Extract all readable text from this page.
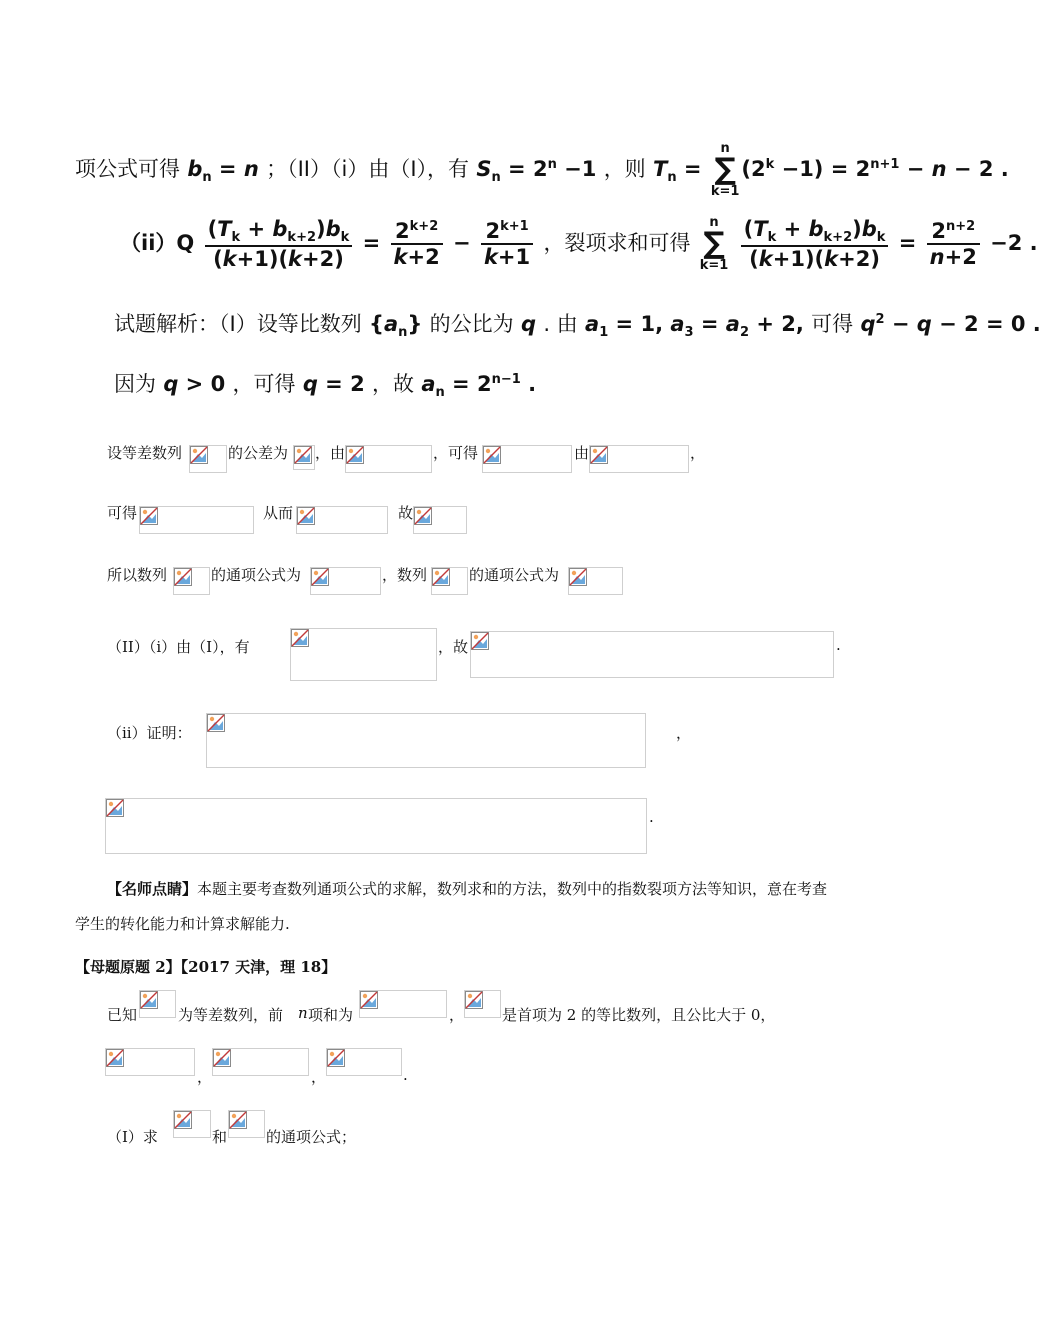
项公式可得 $b_n = n$ ；（II）（i）由（I），有 $S_n = 2^n -1$ ，则 $T_n = n$
∑
$k=1(2^k -1) = 2^{n+1} - n - 2$ .
$(ii)Q \frac{(T_k + b_{k+2})b_k}{(k+1)(k+2)} = \frac{2^{k+2}}{k+2} - \frac{2^{k+1}}{k+1}$ ，裂项求和可得 n
∑
$k=1 \frac{(T_k + b_{k+2})b_k}{(k+1)(k+2)} = \frac{2^{n+2}}{n+2} -2$ .
试题解析：（I）设等比数列 $\{a_n\}$ 的公比为 q . 由 $a_1 = 1$, $a_3 = a_2 + 2$, 可得 $q^2 - q - 2 = 0$ .
因为 q > 0 ，可得 q = 2 ，故 $a_n = 2^{n-1}$ .
设等差数列	的公差为 ，由	，可得	由	，
可得	从而	故
所以数列	的通项公式为	，数列	的通项公式为
（II）（i）由（I），有	，故	.
（ii）证明：	，
.
【名师点睛】本题主要考查数列通项公式的求解，数列求和的方法，数列中的指数裂项方法等知识，意在考查
学生的转化能力和计算求解能力.
【母题原题 2】【2017 天津，理 18】
已知	为等差数列，前 n 项和为	，	是首项为 2 的等比数列，且公比大于 0，
，	，	.
（I）求	和	的通项公式；
